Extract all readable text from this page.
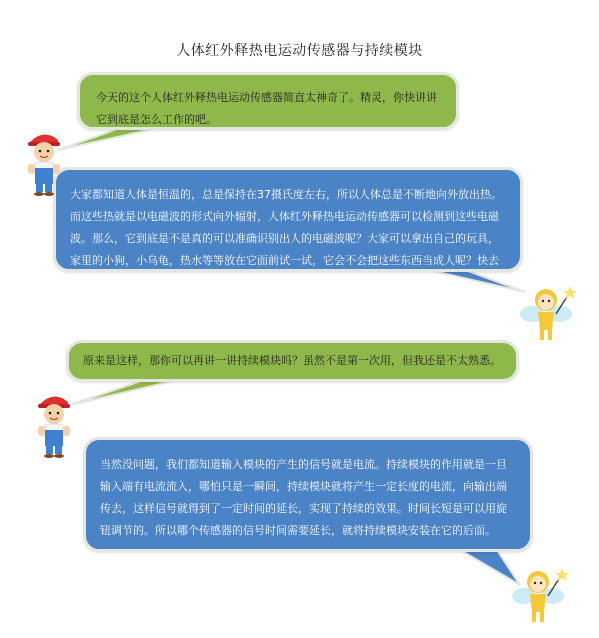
人体红外释热电运动传感器与持续模块

今天的这个人体红外释热电运动传感器简直太神奇了。精灵，你快讲讲它到底是怎么工作的吧。

大家都知道人体是恒温的，总是保持在37摄氏度左右，所以人体总是不断地向外放出热。而这些热就是以电磁波的形式向外辐射，人体红外释热电运动传感器可以检测到这些电磁波。那么，它到底是不是真的可以准确识别出人的电磁波呢？大家可以拿出自己的玩具，家里的小狗，小乌龟，热水等等放在它面前试一试，它会不会把这些东西当成人呢？快去试一试吧。

原来是这样，那你可以再讲一讲持续模块吗？虽然不是第一次用，但我还是不太熟悉。

当然没问题，我们都知道输入模块的产生的信号就是电流。持续模块的作用就是一旦输入端有电流流入，哪怕只是一瞬间，持续模块就将产生一定长度的电流，向输出端传去，这样信号就得到了一定时间的延长，实现了持续的效果。时间长短是可以用旋钮调节的。所以哪个传感器的信号时间需要延长，就将持续模块安装在它的后面。
